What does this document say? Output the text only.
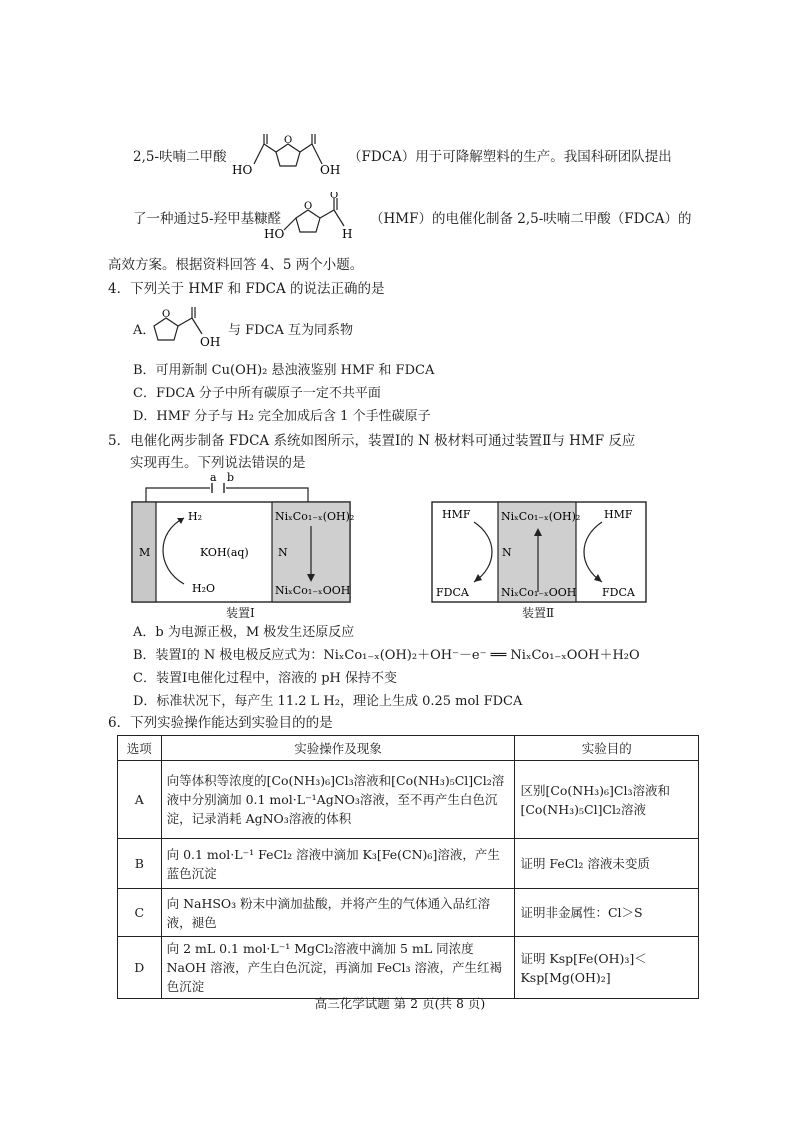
2,5-呋喃二甲酸
HO
O
OH
（FDCA）用于可降解塑料的生产。我国科研团队提出
了一种通过5-羟甲基糠醛
HO
O
O
H
（HMF）的电催化制备 2,5-呋喃二甲酸（FDCA）的
高效方案。根据资料回答 4、5 两个小题。
4．下列关于 HMF 和 FDCA 的说法正确的是
A．
O
OH
与 FDCA 互为同系物
B．可用新制 Cu(OH)₂ 悬浊液鉴别 HMF 和 FDCA
C．FDCA 分子中所有碳原子一定不共平面
D．HMF 分子与 H₂ 完全加成后含 1 个手性碳原子
5．电催化两步制备 FDCA 系统如图所示，装置Ⅰ的 N 极材料可通过装置Ⅱ与 HMF 反应
实现再生。下列说法错误的是
a b
M
H₂
H₂O
KOH(aq)	N
NiₓCo₁₋ₓ(OH)₂
NiₓCo₁₋ₓOOH
装置Ⅰ
HMF	HMF
FDCA	FDCA
NiₓCo₁₋ₓ(OH)₂
N
NiₓCo₁₋ₓOOH
装置Ⅱ
A．b 为电源正极，M 极发生还原反应
B．装置Ⅰ的 N 极电极反应式为：NiₓCo₁₋ₓ(OH)₂＋OH⁻－e⁻ ══ NiₓCo₁₋ₓOOH＋H₂O
C．装置Ⅰ电催化过程中，溶液的 pH 保持不变
D．标准状况下，每产生 11.2 L H₂，理论上生成 0.25 mol FDCA
6．下列实验操作能达到实验目的的是
选项	实验操作及现象	实验目的
A	向等体积等浓度的[Co(NH₃)₆]Cl₃溶液和[Co(NH₃)₅Cl]Cl₂溶液中分别滴加 0.1 mol·L⁻¹AgNO₃溶液，至不再产生白色沉淀，记录消耗 AgNO₃溶液的体积	区别[Co(NH₃)₆]Cl₃溶液和[Co(NH₃)₅Cl]Cl₂溶液
B	向 0.1 mol·L⁻¹ FeCl₂ 溶液中滴加 K₃[Fe(CN)₆]溶液，产生蓝色沉淀	证明 FeCl₂ 溶液未变质
C	向 NaHSO₃ 粉末中滴加盐酸，并将产生的气体通入品红溶液，褪色	证明非金属性：Cl＞S
D	向 2 mL 0.1 mol·L⁻¹ MgCl₂溶液中滴加 5 mL 同浓度 NaOH 溶液，产生白色沉淀，再滴加 FeCl₃ 溶液，产生红褐色沉淀	证明 Ksp[Fe(OH)₃]＜Ksp[Mg(OH)₂]
高三化学试题 第 2 页(共 8 页)
